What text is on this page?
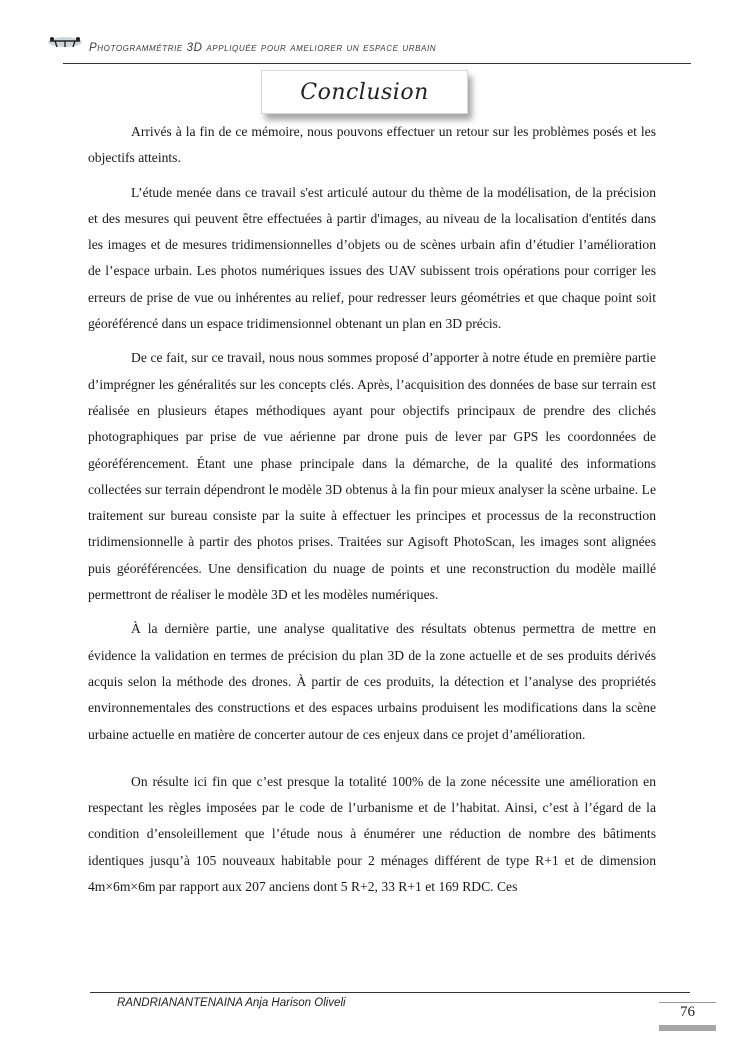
Photogrammétrie 3D appliquée pour ameliorer un espace urbain
Conclusion

Arrivés à la fin de ce mémoire, nous pouvons effectuer un retour sur les problèmes posés et les objectifs atteints.

L’étude menée dans ce travail s'est articulé autour du thème de la modélisation, de la précision et des mesures qui peuvent être effectuées à partir d'images, au niveau de la localisation d'entités dans les images et de mesures tridimensionnelles d’objets ou de scènes urbain afin d’étudier l’amélioration de l’espace urbain. Les photos numériques issues des UAV subissent trois opérations pour corriger les erreurs de prise de vue ou inhérentes au relief, pour redresser leurs géométries et que chaque point soit géoréférencé dans un espace tridimensionnel obtenant un plan en 3D précis.

De ce fait, sur ce travail, nous nous sommes proposé d’apporter à notre étude en première partie d’imprégner les généralités sur les concepts clés. Après, l’acquisition des données de base sur terrain est réalisée en plusieurs étapes méthodiques ayant pour objectifs principaux de prendre des clichés photographiques par prise de vue aérienne par drone puis de lever par GPS les coordonnées de géoréférencement. Étant une phase principale dans la démarche, de la qualité des informations collectées sur terrain dépendront le modèle 3D obtenus à la fin pour mieux analyser la scène urbaine. Le traitement sur bureau consiste par la suite à effectuer les principes et processus de la reconstruction tridimensionnelle à partir des photos prises. Traitées sur Agisoft PhotoScan, les images sont alignées puis géoréférencées. Une densification du nuage de points et une reconstruction du modèle maillé permettront de réaliser le modèle 3D et les modèles numériques.

À la dernière partie, une analyse qualitative des résultats obtenus permettra de mettre en évidence la validation en termes de précision du plan 3D de la zone actuelle et de ses produits dérivés acquis selon la méthode des drones. À partir de ces produits, la détection et l’analyse des propriétés environnementales des constructions et des espaces urbains produisent les modifications dans la scène urbaine actuelle en matière de concerter autour de ces enjeux dans ce projet d’amélioration.

On résulte ici fin que c’est presque la totalité 100% de la zone nécessite une amélioration en respectant les règles imposées par le code de l’urbanisme et de l’habitat. Ainsi, c’est à l’égard de la condition d’ensoleillement que l’étude nous à énumérer une réduction de nombre des bâtiments identiques jusqu’à 105 nouveaux habitable pour 2 ménages différent de type R+1 et de dimension 4m×6m×6m par rapport aux 207 anciens dont 5 R+2, 33 R+1 et 169 RDC. Ces

RANDRIANANTENAINA Anja Harison Oliveli
76
